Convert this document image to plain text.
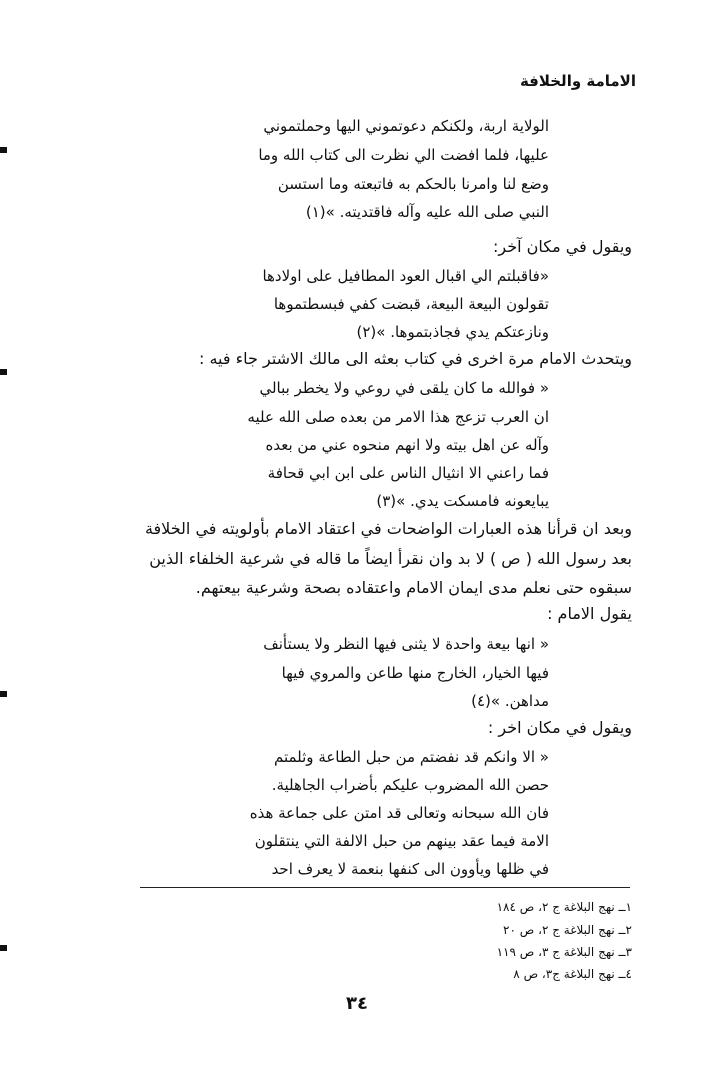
الامامة والخلافة
الولاية اربة، ولكنكم دعوتموني اليها وحملتموني
عليها، فلما افضت الي نظرت الى كتاب الله وما
وضع لنا وامرنا بالحكم به فاتبعته وما استسن
النبي صلى الله عليه وآله فاقتديته. »(١)
ويقول في مكان آخر:
«فاقبلتم الي اقبال العود المطافيل على اولادها
تقولون البيعة البيعة، قبضت كفي فبسطتموها
ونازعتكم يدي فجاذبتموها. »(٢)
ويتحدث الامام مرة اخرى في كتاب بعثه الى مالك الاشتر جاء فيه :
« فوالله ما كان يلقى في روعي ولا يخطر ببالي
ان العرب تزعج هذا الامر من بعده صلى الله عليه
وآله عن اهل بيته ولا انهم منحوه عني من بعده
فما راعني الا انثيال الناس على ابن ابي قحافة
يبايعونه فامسكت يدي. »(٣)
وبعد ان قرأنا هذه العبارات الواضحات في اعتقاد الامام بأولويته في الخلافة
بعد رسول الله ( ص ) لا بد وان نقرأ ايضاً ما قاله في شرعية الخلفاء الذين
سبقوه حتى نعلم مدى ايمان الامام واعتقاده بصحة وشرعية بيعتهم.
يقول الامام :
« انها بيعة واحدة لا يثنى فيها النظر ولا يستأنف
فيها الخيار، الخارج منها طاعن والمروي فيها
مداهن. »(٤)
ويقول في مكان اخر :
« الا وانكم قد نفضتم من حبل الطاعة وثلمتم
حصن الله المضروب عليكم بأضراب الجاهلية.
فان الله سبحانه وتعالى قد امتن على جماعة هذه
الامة فيما عقد بينهم من حبل الالفة التي ينتقلون
في ظلها ويأوون الى كنفها بنعمة لا يعرف احد
١ــ نهج البلاغة ج ٢، ص ١٨٤
٢ــ نهج البلاغة ج ٢، ص ٢٠
٣ــ نهج البلاغة ج ٣، ص ١١٩
٤ــ نهج البلاغة ج٣، ص ٨
٣٤
